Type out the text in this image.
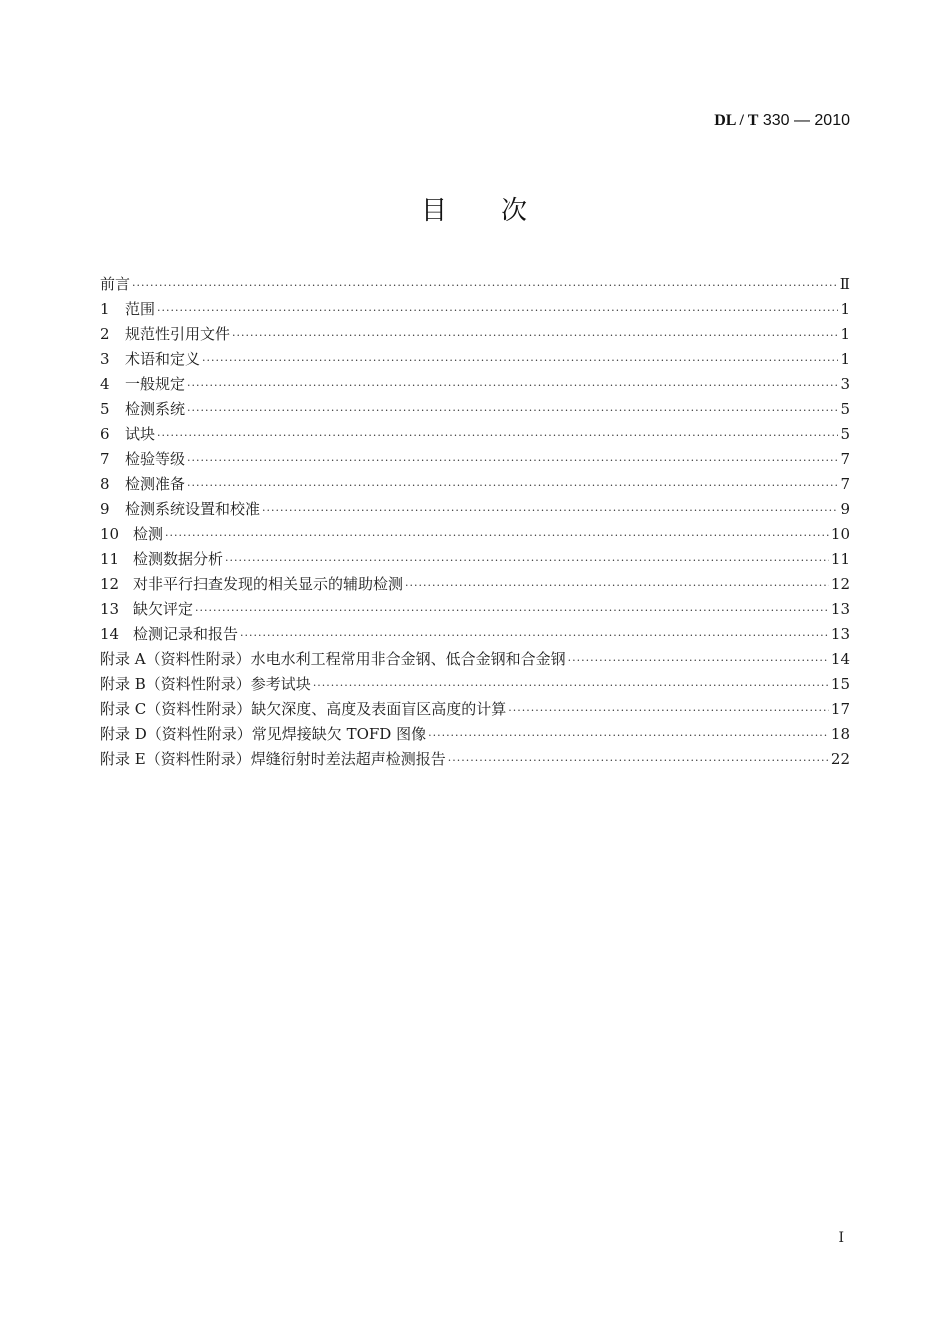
DL / T 330 — 2010
目 次
前言 ·····	Ⅱ
1	范围 ·····	1
2	规范性引用文件 ·····	1
3	术语和定义 ·····	1
4	一般规定 ·····	3
5	检测系统 ·····	5
6	试块 ·····	5
7	检验等级 ·····	7
8	检测准备 ·····	7
9	检测系统设置和校准 ·····	9
10 检测 ·····	10
11 检测数据分析 ·····	11
12 对非平行扫查发现的相关显示的辅助检测 ·····	12
13 缺欠评定 ·····	13
14 检测记录和报告 ·····	13
附录 A（资料性附录） 水电水利工程常用非合金钢、低合金钢和合金钢 ·····	14
附录 B（资料性附录） 参考试块 ·····	15
附录 C（资料性附录） 缺欠深度、高度及表面盲区高度的计算 ·····	17
附录 D（资料性附录） 常见焊接缺欠 TOFD 图像 ·····	18
附录 E（资料性附录） 焊缝衍射时差法超声检测报告 ·····	22
I
